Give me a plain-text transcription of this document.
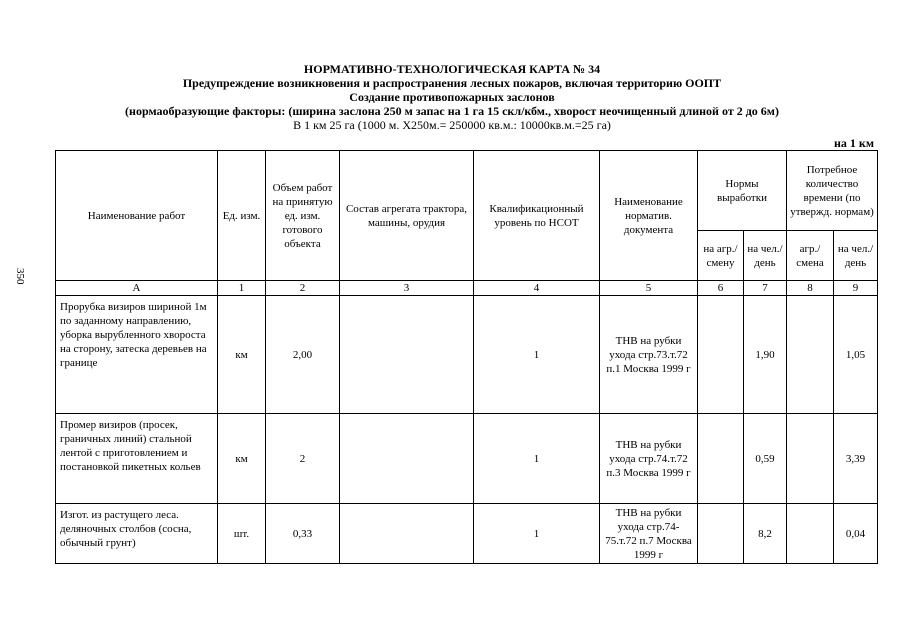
350
НОРМАТИВНО-ТЕХНОЛОГИЧЕСКАЯ КАРТА № 34
Предупреждение возникновения и распространения лесных пожаров, включая территорию ООПТ
Создание противопожарных заслонов
(нормаобразующие факторы: (ширина заслона 250 м запас на 1 га 15 скл/кбм., хворост неочищенный длиной от 2 до 6м)
В 1 км 25 га (1000 м. Х250м.= 250000 кв.м.: 10000кв.м.=25 га)
на 1 км
Наименование работ	Ед. изм.	Объем работ на принятую ед. изм. готового объекта	Состав агрегата трактора, машины, орудия	Квалификационный уровень по НСОТ	Наименование норматив. документа	Нормы выработки		Потребное количество времени (по утвержд. нормам)	
						на агр./ смену	на чел./ день	агр./ смена	на чел./ день
А	1	2	3	4	5	6	7	8	9
Прорубка визиров шириной 1м по заданному направлению, уборка вырубленного хвороста на сторону, затеска деревьев на границе	км	2,00		1	ТНВ на рубки ухода стр.73.т.72 п.1 Москва 1999 г		1,90		1,05
Промер визиров (просек, граничных линий) стальной лентой с приготовлением и постановкой пикетных кольев	км	2		1	ТНВ на рубки ухода стр.74.т.72 п.3 Москва 1999 г		0,59		3,39
Изгот. из растущего леса. деляночных столбов (сосна, обычный грунт)	шт.	0,33		1	ТНВ на рубки ухода стр.74-75.т.72 п.7 Москва 1999 г		8,2		0,04
